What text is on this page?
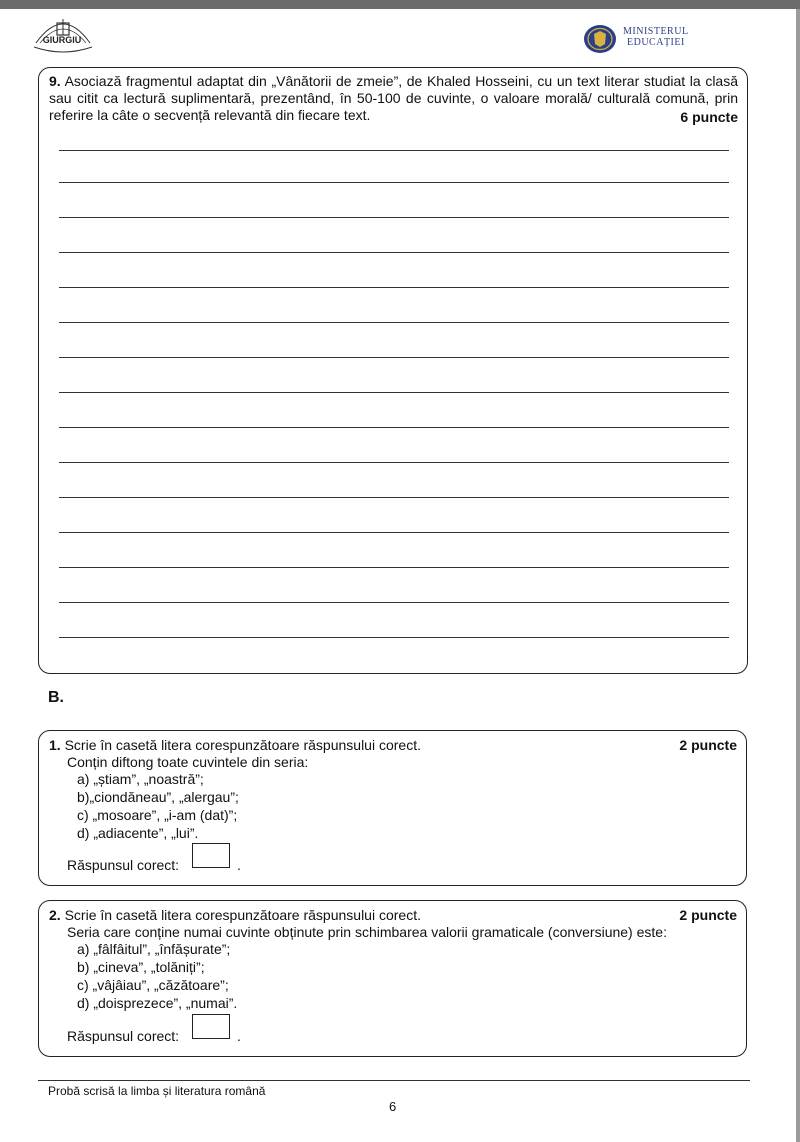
GIURGIU
MINISTERUL
EDUCAȚIEI
9. Asociază fragmentul adaptat din „Vânătorii de zmeie”, de Khaled Hosseini, cu un text literar studiat la clasă sau citit ca lectură suplimentară, prezentând, în 50-100 de cuvinte, o valoare morală/ culturală comună, prin referire la câte o secvență relevantă din fiecare text.	6 puncte
B.
1. Scrie în casetă litera corespunzătoare răspunsului corect.	2 puncte
Conțin diftong toate cuvintele din seria:
a) „știam”, „noastră”;
b)„ciondăneau”, „alergau”;
c) „mosoare”, „i-am (dat)”;
d) „adiacente”, „lui”.
Răspunsul corect:	.
2. Scrie în casetă litera corespunzătoare răspunsului corect.	2 puncte
Seria care conține numai cuvinte obținute prin schimbarea valorii gramaticale (conversiune) este:
a) „fâlfâitul”, „înfășurate”;
b) „cineva”, „tolăniți”;
c) „vâjâiau”, „căzătoare”;
d) „doisprezece”, „numai”.
Răspunsul corect:	.
Probă scrisă la limba și literatura română
6
